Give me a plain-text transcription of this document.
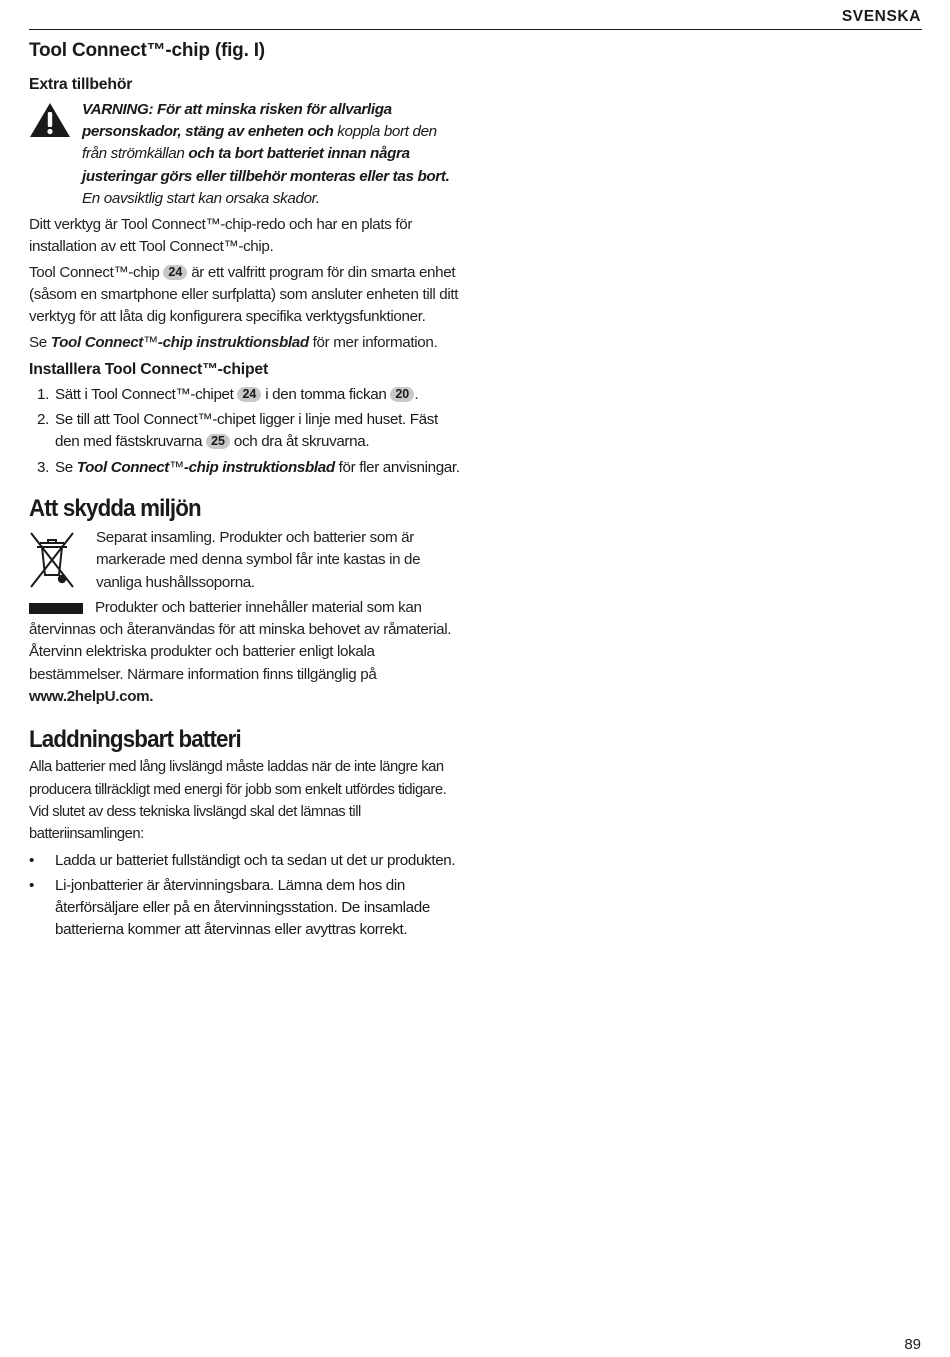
SVENSKA
Tool Connect™-chip (fig. I)
Extra tillbehör
VARNING: För att minska risken för allvarliga personskador, stäng av enheten och koppla bort den från strömkällan och ta bort batteriet innan några justeringar görs eller tillbehör monteras eller tas bort. En oavsiktlig start kan orsaka skador.

Ditt verktyg är Tool Connect™-chip-redo och har en plats för installation av ett Tool Connect™-chip.

Tool Connect™-chip 24 är ett valfritt program för din smarta enhet (såsom en smartphone eller surfplatta) som ansluter enheten till ditt verktyg för att låta dig konfigurera specifika verktygsfunktioner.

Se Tool Connect™-chip instruktionsblad för mer information.

Installlera Tool Connect™-chipet
1. Sätt i Tool Connect™-chipet 24 i den tomma fickan 20 .
2. Se till att Tool Connect™-chipet ligger i linje med huset. Fäst den med fästskruvarna 25 och dra åt skruvarna.
3. Se Tool Connect™-chip instruktionsblad för fler anvisningar.
Att skydda miljön

Separat insamling. Produkter och batterier som är markerade med denna symbol får inte kastas in de vanliga hushållssoporna.

Produkter och batterier innehåller material som kan återvinnas och återanvändas för att minska behovet av råmaterial. Återvinn elektriska produkter och batterier enligt lokala bestämmelser. Närmare information finns tillgänglig på
www.2helpU.com.

Laddningsbart batteri

Alla batterier med lång livslängd måste laddas när de inte längre kan producera tillräckligt med energi för jobb som enkelt utfördes tidigare. Vid slutet av dess tekniska livslängd skal det lämnas till batteriinsamlingen:

• Ladda ur batteriet fullständigt och ta sedan ut det ur produkten.
• Li-jonbatterier är återvinningsbara. Lämna dem hos din återförsäljare eller på en återvinningsstation. De insamlade batterierna kommer att återvinnas eller avyttras korrekt.
89
